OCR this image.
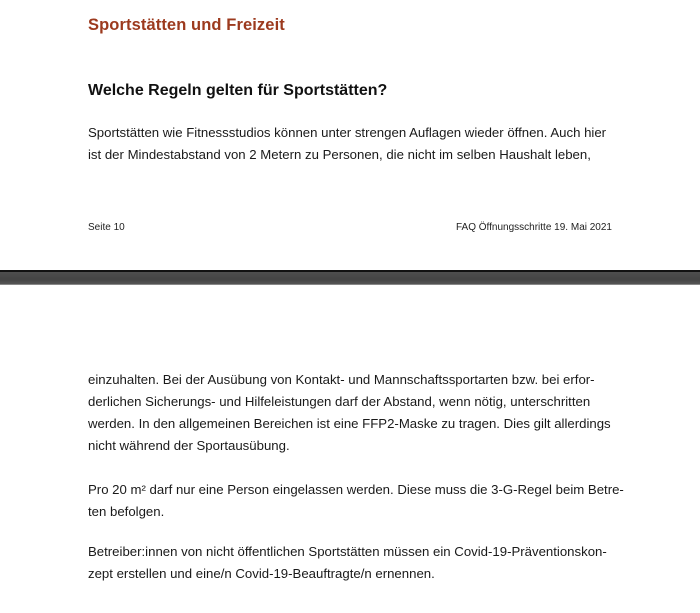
Sportstätten und Freizeit
Welche Regeln gelten für Sportstätten?
Sportstätten wie Fitnessstudios können unter strengen Auflagen wieder öffnen. Auch hier
ist der Mindestabstand von 2 Metern zu Personen, die nicht im selben Haushalt leben,
Seite 10	FAQ Öffnungsschritte 19. Mai 2021
einzuhalten. Bei der Ausübung von Kontakt- und Mannschaftssportarten bzw. bei erfor-
derlichen Sicherungs- und Hilfeleistungen darf der Abstand, wenn nötig, unterschritten
werden. In den allgemeinen Bereichen ist eine FFP2-Maske zu tragen. Dies gilt allerdings
nicht während der Sportausübung.
Pro 20 m² darf nur eine Person eingelassen werden. Diese muss die 3-G-Regel beim Betre-
ten befolgen.
Betreiber:innen von nicht öffentlichen Sportstätten müssen ein Covid-19-Präventionskon-
zept erstellen und eine/n Covid-19-Beauftragte/n ernennen.
